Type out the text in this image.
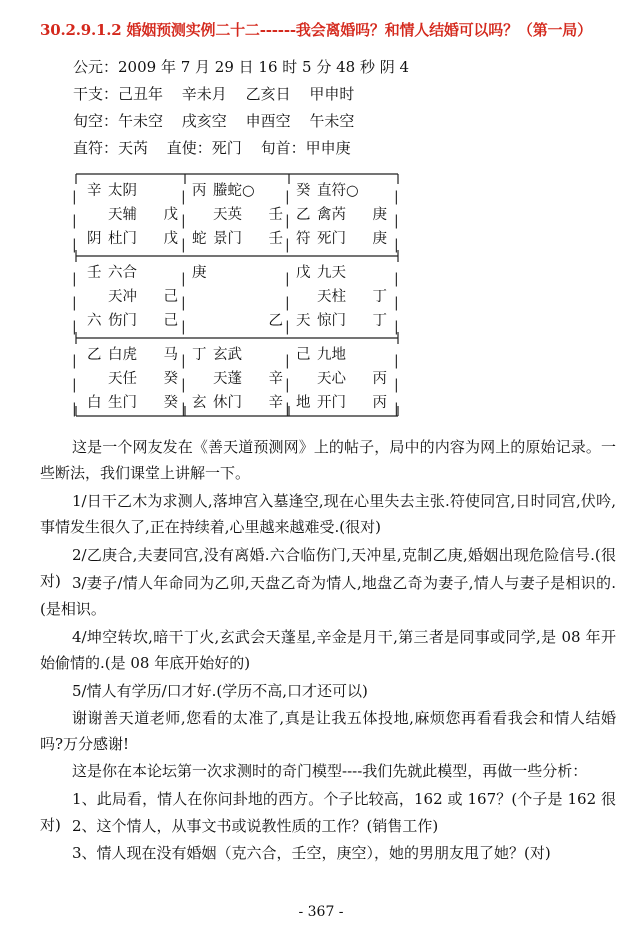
30.2.9.1.2 婚姻预测实例二十二------我会离婚吗？和情人结婚可以吗？（第一局）
公元：2009 年 7 月 29 日 16 时 5 分 48 秒 阴 4
干支：己丑年 辛未月 乙亥日 甲申时
旬空：午未空 戌亥空 申酉空 午未空
直符：天芮 直使：死门 旬首：甲申庚
|
|
|
|
|
|
|
|
|
|
|
|
|
|
|
|
|
|
|
|
|
|
|
|
|
|
|
|
|
|
|
|
|
|
|
|
辛 太阴
天辅 戊
阴 杜门 戊
丙 螣蛇○
天英 壬
蛇 景门 壬
癸 直符○
乙 禽芮 庚
符 死门 庚
壬 六合
天冲 己
六 伤门 己
庚
乙
戊 九天
天柱 丁
天 惊门 丁
乙 白虎 马
天任 癸
白 生门 癸
丁 玄武
天蓬 辛
玄 休门 辛
己 九地
天心 丙
地 开门 丙
这是一个网友发在《善天道预测网》上的帖子，局中的内容为网上的原始记录。一些断法，我们课堂上讲解一下。
1/日干乙木为求测人,落坤宫入墓逢空,现在心里失去主张.符使同宫,日时同宫,伏吟,事情发生很久了,正在持续着,心里越来越难受.(很对)
2/乙庚合,夫妻同宫,没有离婚.六合临伤门,天冲星,克制乙庚,婚姻出现危险信号.(很对) 3/妻子/情人年命同为乙卯,天盘乙奇为情人,地盘乙奇为妻子,情人与妻子是相识的.(是相识。
4/坤空转坎,暗干丁火,玄武会天蓬星,辛金是月干,第三者是同事或同学,是 08 年开始偷情的.(是 08 年底开始好的)
5/情人有学历/口才好.(学历不高,口才还可以)
谢谢善天道老师,您看的太准了,真是让我五体投地,麻烦您再看看我会和情人结婚吗?万分感谢!
这是你在本论坛第一次求测时的奇门模型----我们先就此模型，再做一些分析：
1、此局看，情人在你问卦地的西方。个子比较高，162 或 167？(个子是 162 很对) 2、这个情人，从事文书或说教性质的工作？(销售工作)
3、情人现在没有婚姻（克六合，壬空，庚空），她的男朋友甩了她？(对)
- 367 -
